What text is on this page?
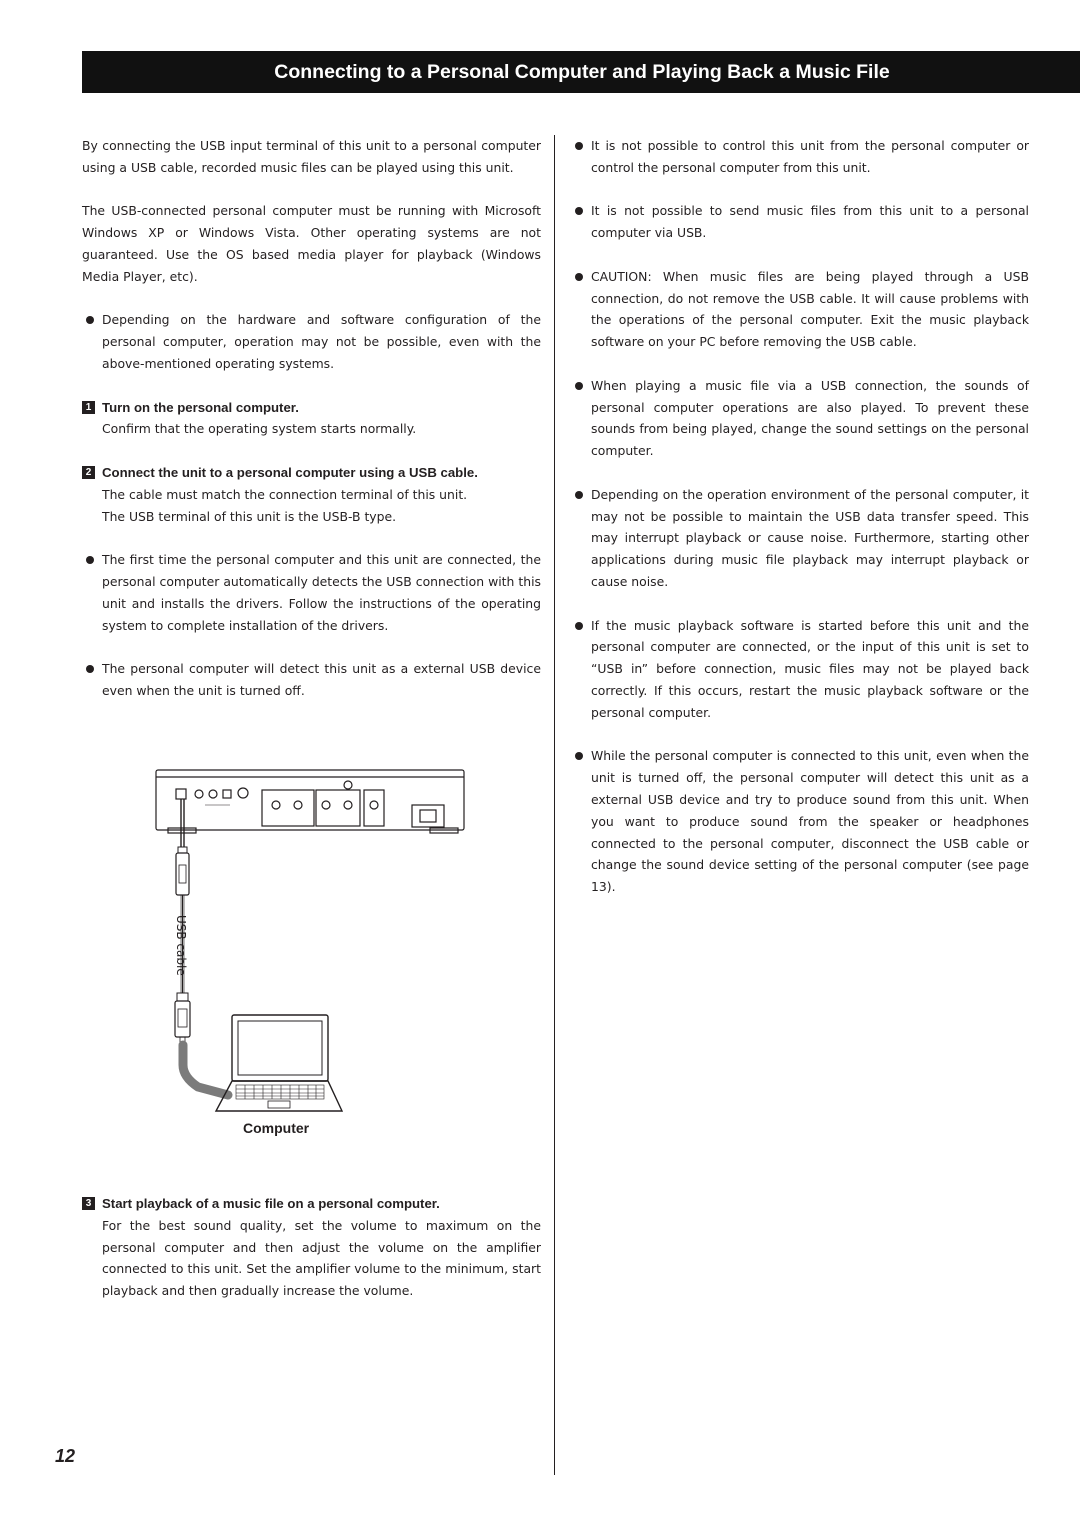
Connecting to a Personal Computer and Playing Back a Music File

By connecting the USB input terminal of this unit to a personal computer using a USB cable, recorded music files can be played using this unit.

The USB-connected personal computer must be running with Microsoft Windows XP or Windows Vista. Other operating systems are not guaranteed. Use the OS based media player for playback (Windows Media Player, etc).

Depending on the hardware and software configuration of the personal computer, operation may not be possible, even with the above-mentioned operating systems.
1 Turn on the personal computer.
Confirm that the operating system starts normally.
2 Connect the unit to a personal computer using a USB cable.
The cable must match the connection terminal of this unit.
The USB terminal of this unit is the USB-B type.
The first time the personal computer and this unit are connected, the personal computer automatically detects the USB connection with this unit and installs the drivers. Follow the instructions of the operating system to complete installation of the drivers.
The personal computer will detect this unit as a external USB device even when the unit is turned off.
USB cable
Computer
3 Start playback of a music file on a personal computer.
For the best sound quality, set the volume to maximum on the personal computer and then adjust the volume on the amplifier connected to this unit. Set the amplifier volume to the minimum, start playback and then gradually increase the volume.
It is not possible to control this unit from the personal computer or control the personal computer from this unit.
It is not possible to send music files from this unit to a personal computer via USB.
CAUTION: When music files are being played through a USB connection, do not remove the USB cable. It will cause problems with the operations of the personal computer. Exit the music playback software on your PC before removing the USB cable.
When playing a music file via a USB connection, the sounds of personal computer operations are also played. To prevent these sounds from being played, change the sound settings on the personal computer.
Depending on the operation environment of the personal computer, it may not be possible to maintain the USB data transfer speed. This may interrupt playback or cause noise. Furthermore, starting other applications during music file playback may interrupt playback or cause noise.
If the music playback software is started before this unit and the personal computer are connected, or the input of this unit is set to “USB in” before connection, music files may not be played back correctly. If this occurs, restart the music playback software or the personal computer.
While the personal computer is connected to this unit, even when the unit is turned off, the personal computer will detect this unit as a external USB device and try to produce sound from this unit. When you want to produce sound from the speaker or headphones connected to the personal computer, disconnect the USB cable or change the sound device setting of the personal computer (see page 13).
12
